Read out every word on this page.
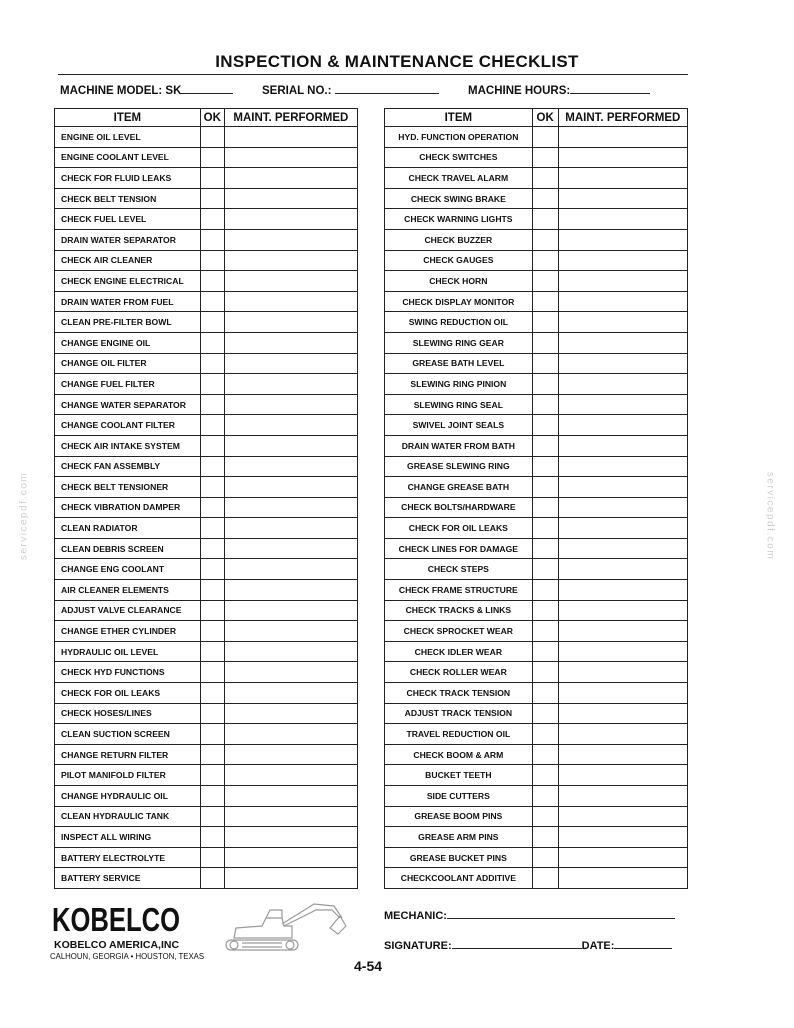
INSPECTION & MAINTENANCE CHECKLIST
MACHINE MODEL: SK	SERIAL NO.:	MACHINE HOURS:
ITEM	OK	MAINT. PERFORMED
ENGINE OIL LEVEL		
ENGINE COOLANT LEVEL		
CHECK FOR FLUID LEAKS		
CHECK BELT TENSION		
CHECK FUEL LEVEL		
DRAIN WATER SEPARATOR		
CHECK AIR CLEANER		
CHECK ENGINE ELECTRICAL		
DRAIN WATER FROM FUEL		
CLEAN PRE-FILTER BOWL		
CHANGE ENGINE OIL		
CHANGE OIL FILTER		
CHANGE FUEL FILTER		
CHANGE WATER SEPARATOR		
CHANGE COOLANT FILTER		
CHECK AIR INTAKE SYSTEM		
CHECK FAN ASSEMBLY		
CHECK BELT TENSIONER		
CHECK VIBRATION DAMPER		
CLEAN RADIATOR		
CLEAN DEBRIS SCREEN		
CHANGE ENG COOLANT		
AIR CLEANER ELEMENTS		
ADJUST VALVE CLEARANCE		
CHANGE ETHER CYLINDER		
HYDRAULIC OIL LEVEL		
CHECK HYD FUNCTIONS		
CHECK FOR OIL LEAKS		
CHECK HOSES/LINES		
CLEAN SUCTION SCREEN		
CHANGE RETURN FILTER		
PILOT MANIFOLD FILTER		
CHANGE HYDRAULIC OIL		
CLEAN HYDRAULIC TANK		
INSPECT ALL WIRING		
BATTERY ELECTROLYTE		
BATTERY SERVICE		
ITEM	OK	MAINT. PERFORMED
HYD. FUNCTION OPERATION		
CHECK SWITCHES		
CHECK TRAVEL ALARM		
CHECK SWING BRAKE		
CHECK WARNING LIGHTS		
CHECK BUZZER		
CHECK GAUGES		
CHECK HORN		
CHECK DISPLAY MONITOR		
SWING REDUCTION OIL		
SLEWING RING GEAR		
GREASE BATH LEVEL		
SLEWING RING PINION		
SLEWING RING SEAL		
SWIVEL JOINT SEALS		
DRAIN WATER FROM BATH		
GREASE SLEWING RING		
CHANGE GREASE BATH		
CHECK BOLTS/HARDWARE		
CHECK FOR OIL LEAKS		
CHECK LINES FOR DAMAGE		
CHECK STEPS		
CHECK FRAME STRUCTURE		
CHECK TRACKS & LINKS		
CHECK SPROCKET WEAR		
CHECK IDLER WEAR		
CHECK ROLLER WEAR		
CHECK TRACK TENSION		
ADJUST TRACK TENSION		
TRAVEL REDUCTION OIL		
CHECK BOOM & ARM		
BUCKET TEETH		
SIDE CUTTERS		
GREASE BOOM PINS		
GREASE ARM PINS		
GREASE BUCKET PINS		
CHECKCOOLANT ADDITIVE		
servicepdf.com	servicepdf.com
KOBELCO
KOBELCO AMERICA,INC
CALHOUN, GEORGIA • HOUSTON, TEXAS
MECHANIC:
SIGNATURE:	DATE:
4-54
